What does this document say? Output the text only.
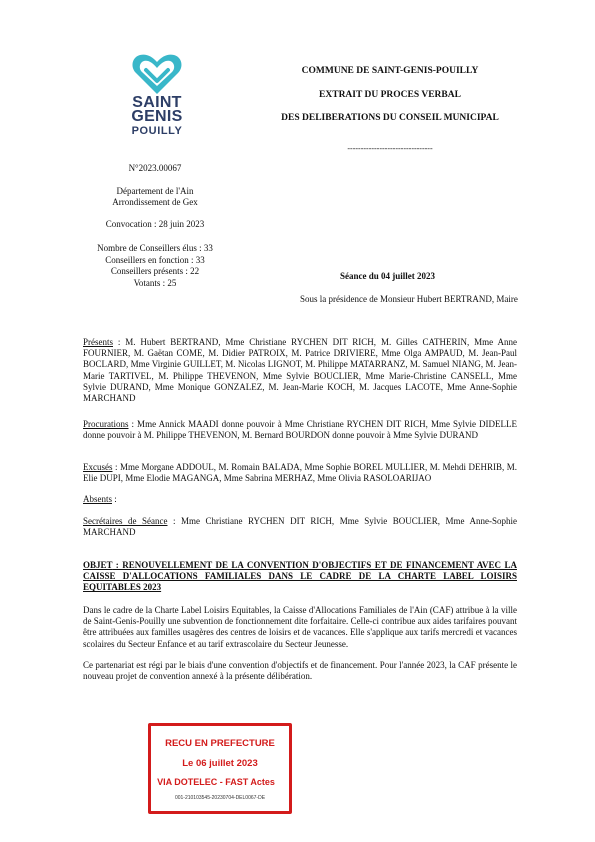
SAINT
GENIS
POUILLY
COMMUNE DE SAINT-GENIS-POUILLY
EXTRAIT DU PROCES VERBAL
DES DELIBERATIONS DU CONSEIL MUNICIPAL
--------------------------------
N°2023.00067
Département de l'Ain
Arrondissement de Gex
Convocation : 28 juin 2023
Nombre de Conseillers élus : 33
Conseillers en fonction : 33
Conseillers présents : 22
Votants : 25
Séance du 04 juillet 2023
Sous la présidence de Monsieur Hubert BERTRAND, Maire
Présents : M. Hubert BERTRAND, Mme Christiane RYCHEN DIT RICH, M. Gilles CATHERIN, Mme Anne FOURNIER, M. Gaëtan COME, M. Didier PATROIX, M. Patrice DRIVIERE, Mme Olga AMPAUD, M. Jean-Paul BOCLARD, Mme Virginie GUILLET, M. Nicolas LIGNOT, M. Philippe MATARRANZ, M. Samuel NIANG, M. Jean-Marie TARTIVEL, M. Philippe THEVENON, Mme Sylvie BOUCLIER, Mme Marie-Christine CANSELL, Mme Sylvie DURAND, Mme Monique GONZALEZ, M. Jean-Marie KOCH, M. Jacques LACOTE, Mme Anne-Sophie MARCHAND
Procurations : Mme Annick MAADI donne pouvoir à Mme Christiane RYCHEN DIT RICH, Mme Sylvie DIDELLE donne pouvoir à M. Philippe THEVENON, M. Bernard BOURDON donne pouvoir à Mme Sylvie DURAND
Excusés : Mme Morgane ADDOUL, M. Romain BALADA, Mme Sophie BOREL MULLIER, M. Mehdi DEHRIB, M. Elie DUPI, Mme Elodie MAGANGA, Mme Sabrina MERHAZ, Mme Olivia RASOLOARIJAO
Absents :
Secrétaires de Séance : Mme Christiane RYCHEN DIT RICH, Mme Sylvie BOUCLIER, Mme Anne-Sophie MARCHAND
OBJET : RENOUVELLEMENT DE LA CONVENTION D'OBJECTIFS ET DE FINANCEMENT AVEC LA CAISSE D'ALLOCATIONS FAMILIALES DANS LE CADRE DE LA CHARTE LABEL LOISIRS EQUITABLES 2023
Dans le cadre de la Charte Label Loisirs Equitables, la Caisse d'Allocations Familiales de l'Ain (CAF) attribue à la ville de Saint-Genis-Pouilly une subvention de fonctionnement dite forfaitaire. Celle-ci contribue aux aides tarifaires pouvant être attribuées aux familles usagères des centres de loisirs et de vacances. Elle s'applique aux tarifs mercredi et vacances scolaires du Secteur Enfance et au tarif extrascolaire du Secteur Jeunesse.
Ce partenariat est régi par le biais d'une convention d'objectifs et de financement. Pour l'année 2023, la CAF présente le nouveau projet de convention annexé à la présente délibération.
RECU EN PREFECTURE
Le 06 juillet 2023
VIA DOTELEC - FAST Actes
001-210103545-20230704-DEL0067-DE
